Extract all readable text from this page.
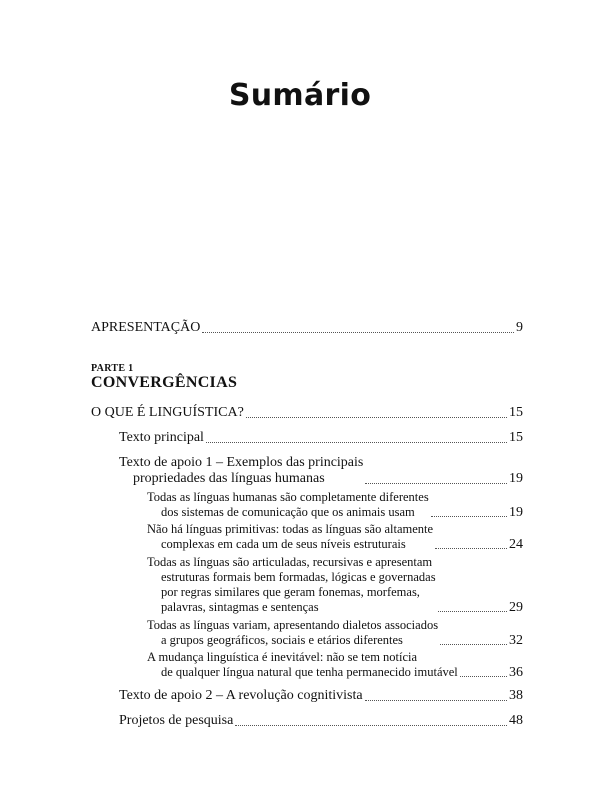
Sumário
APRESENTAÇÃO	9
PARTE 1
CONVERGÊNCIAS
O QUE É LINGUÍSTICA?	15
Texto principal	15
Texto de apoio 1 – Exemplos das principais
propriedades das línguas humanas	19
Todas as línguas humanas são completamente diferentes
dos sistemas de comunicação que os animais usam	19
Não há línguas primitivas: todas as línguas são altamente
complexas em cada um de seus níveis estruturais	24
Todas as línguas são articuladas, recursivas e apresentam
estruturas formais bem formadas, lógicas e governadas
por regras similares que geram fonemas, morfemas,
palavras, sintagmas e sentenças	29
Todas as línguas variam, apresentando dialetos associados
a grupos geográficos, sociais e etários diferentes	32
A mudança linguística é inevitável: não se tem notícia
de qualquer língua natural que tenha permanecido imutável	36
Texto de apoio 2 – A revolução cognitivista	38
Projetos de pesquisa	48
